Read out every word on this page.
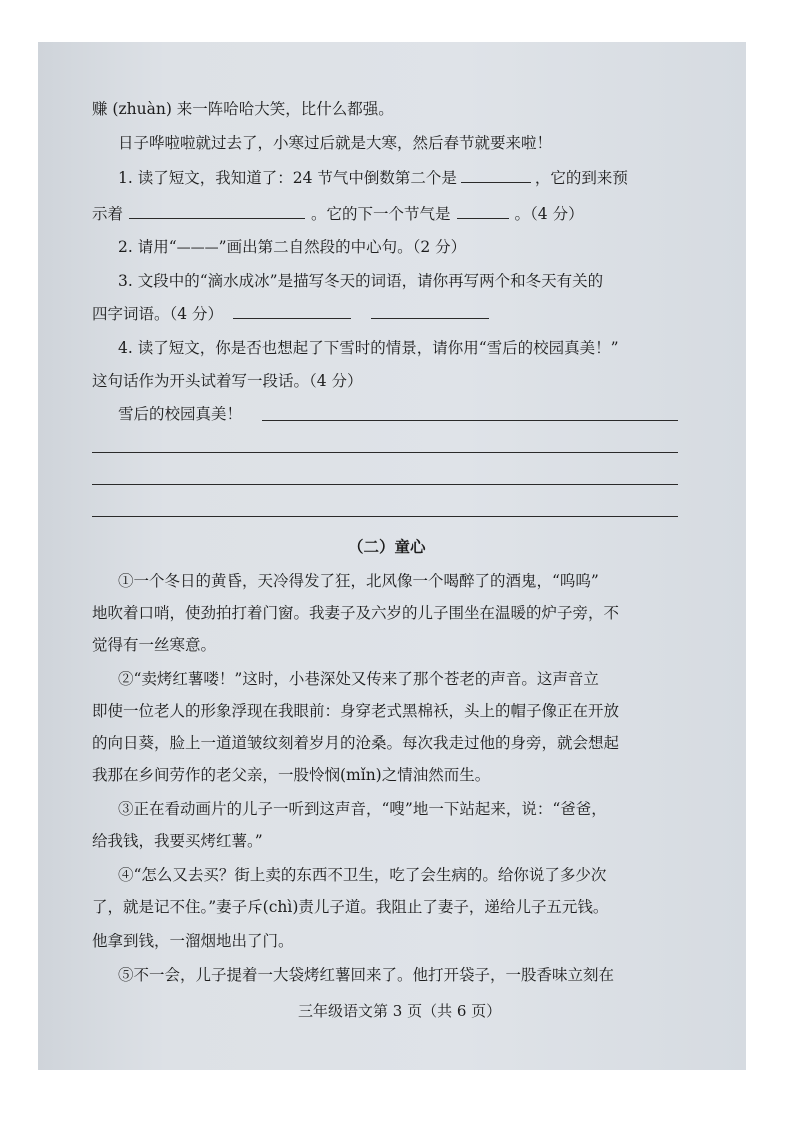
赚 (zhuàn) 来一阵哈哈大笑，比什么都强。
日子哗啦啦就过去了，小寒过后就是大寒，然后春节就要来啦！
1. 读了短文，我知道了：24 节气中倒数第二个是	，它的到来预
示着	。它的下一个节气是	。（4 分）
2. 请用“———”画出第二自然段的中心句。（2 分）
3. 文段中的“滴水成冰”是描写冬天的词语，请你再写两个和冬天有关的
四字词语。（4 分）
4. 读了短文，你是否也想起了下雪时的情景，请你用“雪后的校园真美！”
这句话作为开头试着写一段话。（4 分）
雪后的校园真美！
（二）童心
①一个冬日的黄昏，天冷得发了狂，北风像一个喝醉了的酒鬼，“呜呜”
地吹着口哨，使劲拍打着门窗。我妻子及六岁的儿子围坐在温暖的炉子旁，不
觉得有一丝寒意。
②“卖烤红薯喽！”这时，小巷深处又传来了那个苍老的声音。这声音立
即使一位老人的形象浮现在我眼前：身穿老式黑棉袄，头上的帽子像正在开放
的向日葵，脸上一道道皱纹刻着岁月的沧桑。每次我走过他的身旁，就会想起
我那在乡间劳作的老父亲，一股怜悯(mǐn)之情油然而生。
③正在看动画片的儿子一听到这声音，“嗖”地一下站起来，说：“爸爸，
给我钱，我要买烤红薯。”
④“怎么又去买？街上卖的东西不卫生，吃了会生病的。给你说了多少次
了，就是记不住。”妻子斥(chì)责儿子道。我阻止了妻子，递给儿子五元钱。
他拿到钱，一溜烟地出了门。
⑤不一会，儿子提着一大袋烤红薯回来了。他打开袋子，一股香味立刻在
三年级语文第 3 页（共 6 页）
